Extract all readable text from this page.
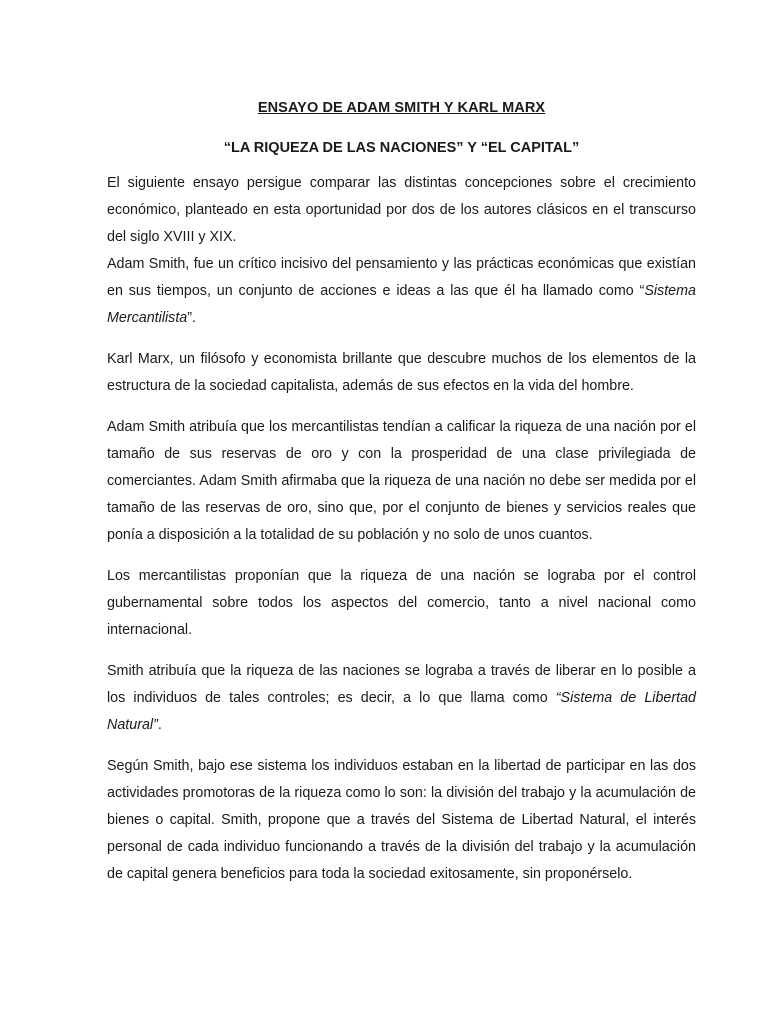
ENSAYO DE ADAM SMITH Y KARL MARX
“LA RIQUEZA DE LAS NACIONES” Y “EL CAPITAL”

El siguiente ensayo persigue comparar las distintas concepciones sobre el crecimiento económico, planteado en esta oportunidad por dos de los autores clásicos en el transcurso del siglo XVIII y XIX.

Adam Smith, fue un crítico incisivo del pensamiento y las prácticas económicas que existían en sus tiempos, un conjunto de acciones e ideas a las que él ha llamado como “Sistema Mercantilista”.

Karl Marx, un filósofo y economista brillante que descubre muchos de los elementos de la estructura de la sociedad capitalista, además de sus efectos en la vida del hombre.

Adam Smith atribuía que los mercantilistas tendían a calificar la riqueza de una nación por el tamaño de sus reservas de oro y con la prosperidad de una clase privilegiada de comerciantes. Adam Smith afirmaba que la riqueza de una nación no debe ser medida por el tamaño de las reservas de oro, sino que, por el conjunto de bienes y servicios reales que ponía a disposición a la totalidad de su población y no solo de unos cuantos.

Los mercantilistas proponían que la riqueza de una nación se lograba por el control gubernamental sobre todos los aspectos del comercio, tanto a nivel nacional como internacional.

Smith atribuía que la riqueza de las naciones se lograba a través de liberar en lo posible a los individuos de tales controles; es decir, a lo que llama como “Sistema de Libertad Natural”.

Según Smith, bajo ese sistema los individuos estaban en la libertad de participar en las dos actividades promotoras de la riqueza como lo son: la división del trabajo y la acumulación de bienes o capital. Smith, propone que a través del Sistema de Libertad Natural, el interés personal de cada individuo funcionando a través de la división del trabajo y la acumulación de capital genera beneficios para toda la sociedad exitosamente, sin proponérselo.
